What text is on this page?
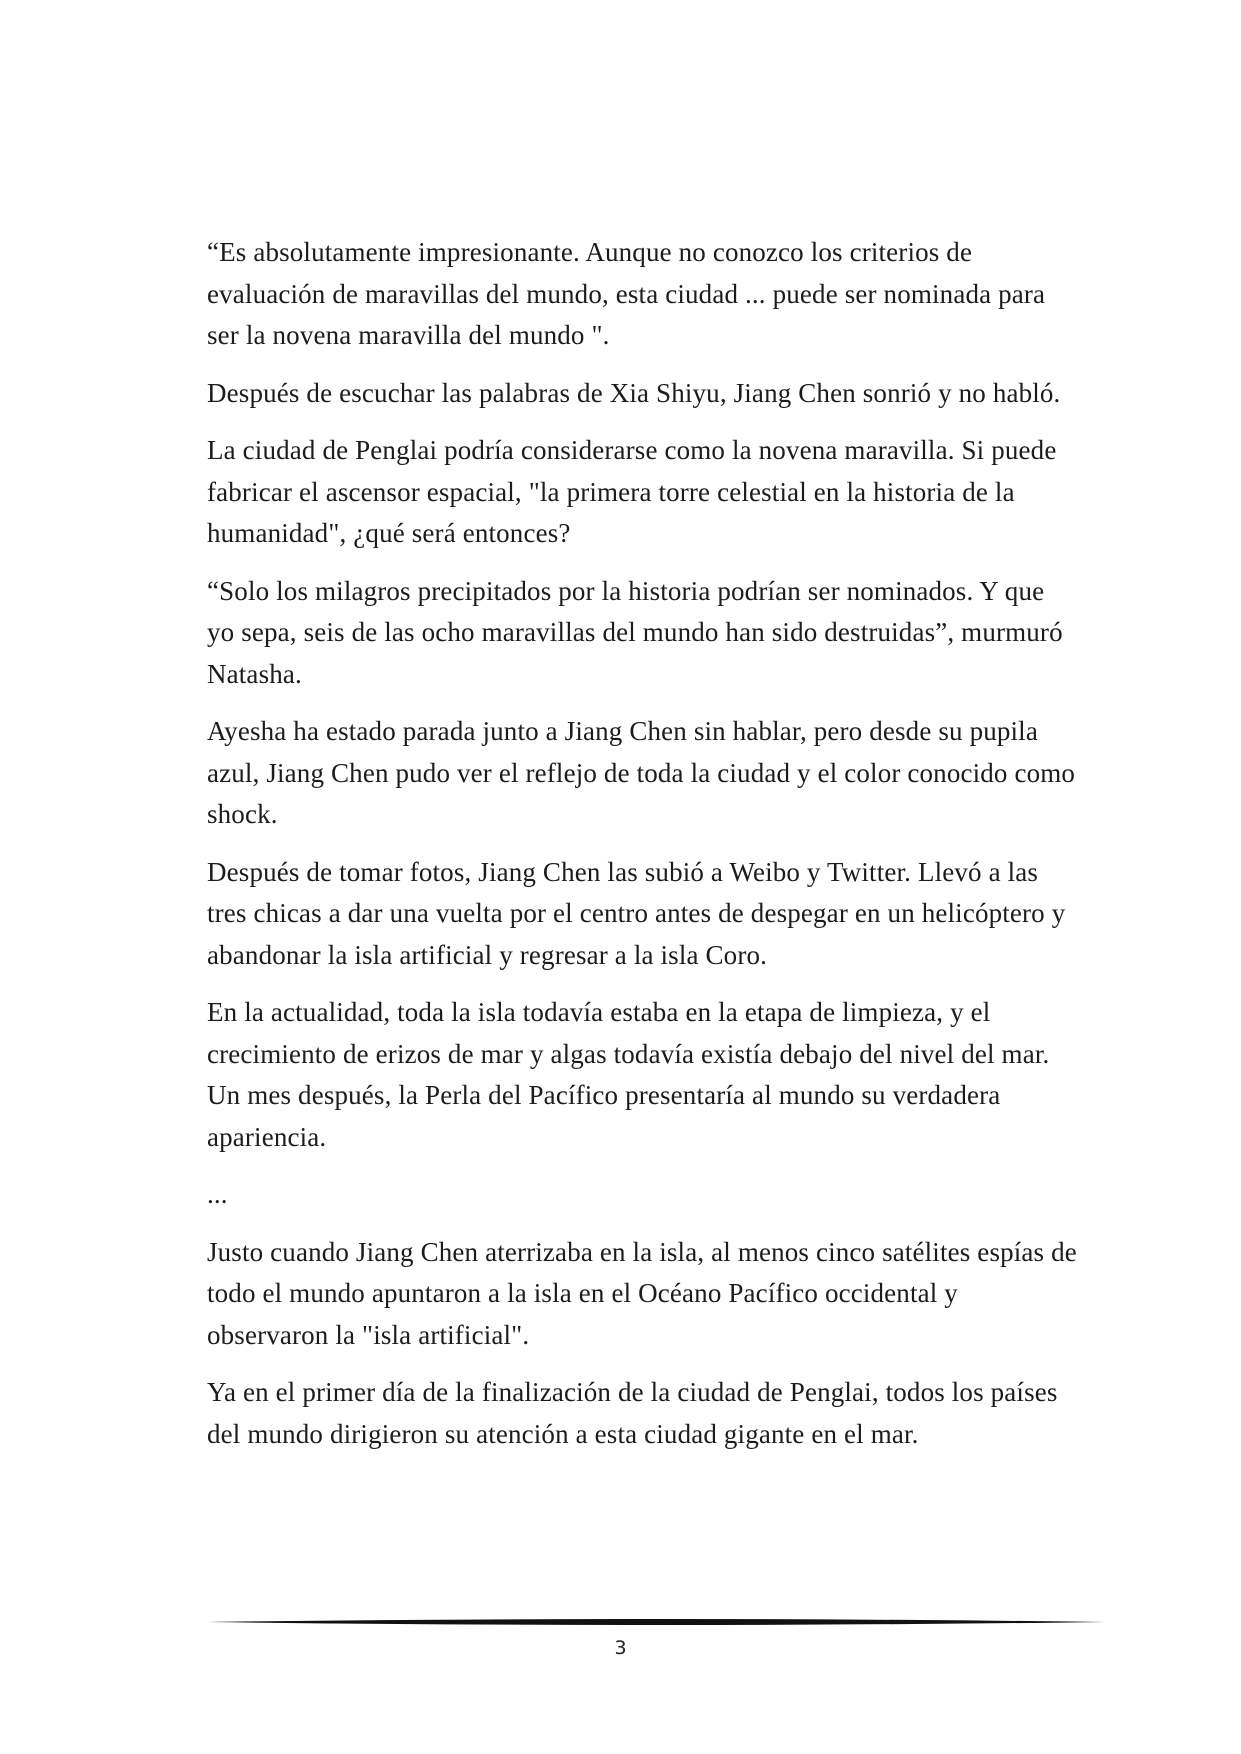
“Es absolutamente impresionante. Aunque no conozco los criterios de evaluación de maravillas del mundo, esta ciudad ... puede ser nominada para ser la novena maravilla del mundo ".

Después de escuchar las palabras de Xia Shiyu, Jiang Chen sonrió y no habló.

La ciudad de Penglai podría considerarse como la novena maravilla. Si puede fabricar el ascensor espacial, "la primera torre celestial en la historia de la humanidad", ¿qué será entonces?

“Solo los milagros precipitados por la historia podrían ser nominados. Y que yo sepa, seis de las ocho maravillas del mundo han sido destruidas”, murmuró Natasha.

Ayesha ha estado parada junto a Jiang Chen sin hablar, pero desde su pupila azul, Jiang Chen pudo ver el reflejo de toda la ciudad y el color conocido como shock.

Después de tomar fotos, Jiang Chen las subió a Weibo y Twitter. Llevó a las tres chicas a dar una vuelta por el centro antes de despegar en un helicóptero y abandonar la isla artificial y regresar a la isla Coro.

En la actualidad, toda la isla todavía estaba en la etapa de limpieza, y el crecimiento de erizos de mar y algas todavía existía debajo del nivel del mar. Un mes después, la Perla del Pacífico presentaría al mundo su verdadera apariencia.

...

Justo cuando Jiang Chen aterrizaba en la isla, al menos cinco satélites espías de todo el mundo apuntaron a la isla en el Océano Pacífico occidental y observaron la "isla artificial".

Ya en el primer día de la finalización de la ciudad de Penglai, todos los países del mundo dirigieron su atención a esta ciudad gigante en el mar.

3
